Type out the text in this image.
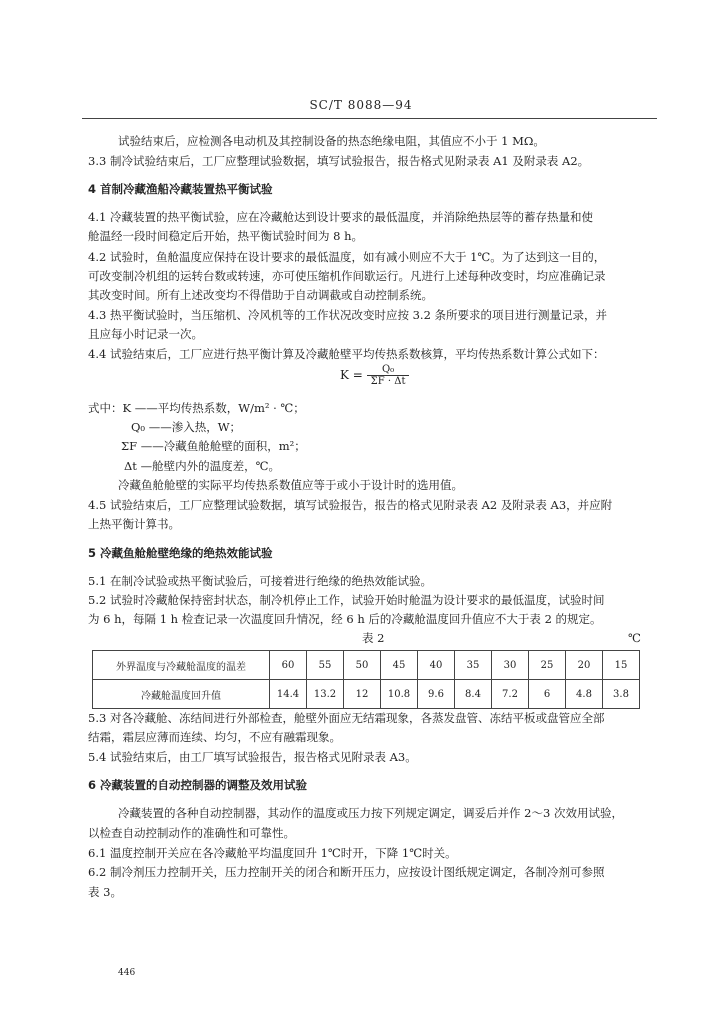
SC/T 8088—94
试验结束后，应检测各电动机及其控制设备的热态绝缘电阻，其值应不小于 1 MΩ。
3.3 制冷试验结束后，工厂应整理试验数据，填写试验报告，报告格式见附录表 A1 及附录表 A2。
4 首制冷藏渔船冷藏装置热平衡试验
4.1 冷藏装置的热平衡试验，应在冷藏舱达到设计要求的最低温度，并消除绝热层等的蓄存热量和使
舱温经一段时间稳定后开始，热平衡试验时间为 8 h。
4.2 试验时，鱼舱温度应保持在设计要求的最低温度，如有减小则应不大于 1℃。为了达到这一目的，
可改变制冷机组的运转台数或转速，亦可使压缩机作间歇运行。凡进行上述每种改变时，均应准确记录
其改变时间。所有上述改变均不得借助于自动调截或自动控制系统。
4.3 热平衡试验时，当压缩机、冷风机等的工作状况改变时应按 3.2 条所要求的项目进行测量记录，并
且应每小时记录一次。
4.4 试验结束后，工厂应进行热平衡计算及冷藏舱壁平均传热系数核算，平均传热系数计算公式如下：
$K = \frac{\text{Q₀}}{\Sigma F \cdot \Delta t}$
式中：K ——平均传热系数，W/m² · ℃；
Q₀ ——渗入热，W；
ΣF ——冷藏鱼舱舱壁的面积，m²；
Δt —舱壁内外的温度差，℃。
冷藏鱼舱舱壁的实际平均传热系数值应等于或小于设计时的选用值。
4.5 试验结束后，工厂应整理试验数据，填写试验报告，报告的格式见附录表 A2 及附录表 A3，并应附
上热平衡计算书。
5 冷藏鱼舱舱壁绝缘的绝热效能试验
5.1 在制冷试验或热平衡试验后，可接着进行绝缘的绝热效能试验。
5.2 试验时冷藏舱保持密封状态，制冷机停止工作，试验开始时舱温为设计要求的最低温度，试验时间
为 6 h，每隔 1 h 检查记录一次温度回升情况，经 6 h 后的冷藏舱温度回升值应不大于表 2 的规定。
表 2	℃
外界温度与冷藏舱温度的温差	60	55	50	45	40	35	30	25	20	15
冷藏舱温度回升值	14.4	13.2	12	10.8	9.6	8.4	7.2	6	4.8	3.8
5.3 对各冷藏舱、冻结间进行外部检查，舱壁外面应无结霜现象，各蒸发盘管、冻结平板或盘管应全部
结霜，霜层应薄而连续、均匀，不应有融霜现象。
5.4 试验结束后，由工厂填写试验报告，报告格式见附录表 A3。
6 冷藏装置的自动控制器的调整及效用试验
冷藏装置的各种自动控制器，其动作的温度或压力按下列规定调定，调妥后并作 2～3 次效用试验，
以检查自动控制动作的准确性和可靠性。
6.1 温度控制开关应在各冷藏舱平均温度回升 1℃时开，下降 1℃时关。
6.2 制冷剂压力控制开关，压力控制开关的闭合和断开压力，应按设计图纸规定调定，各制冷剂可参照
表 3。
446
